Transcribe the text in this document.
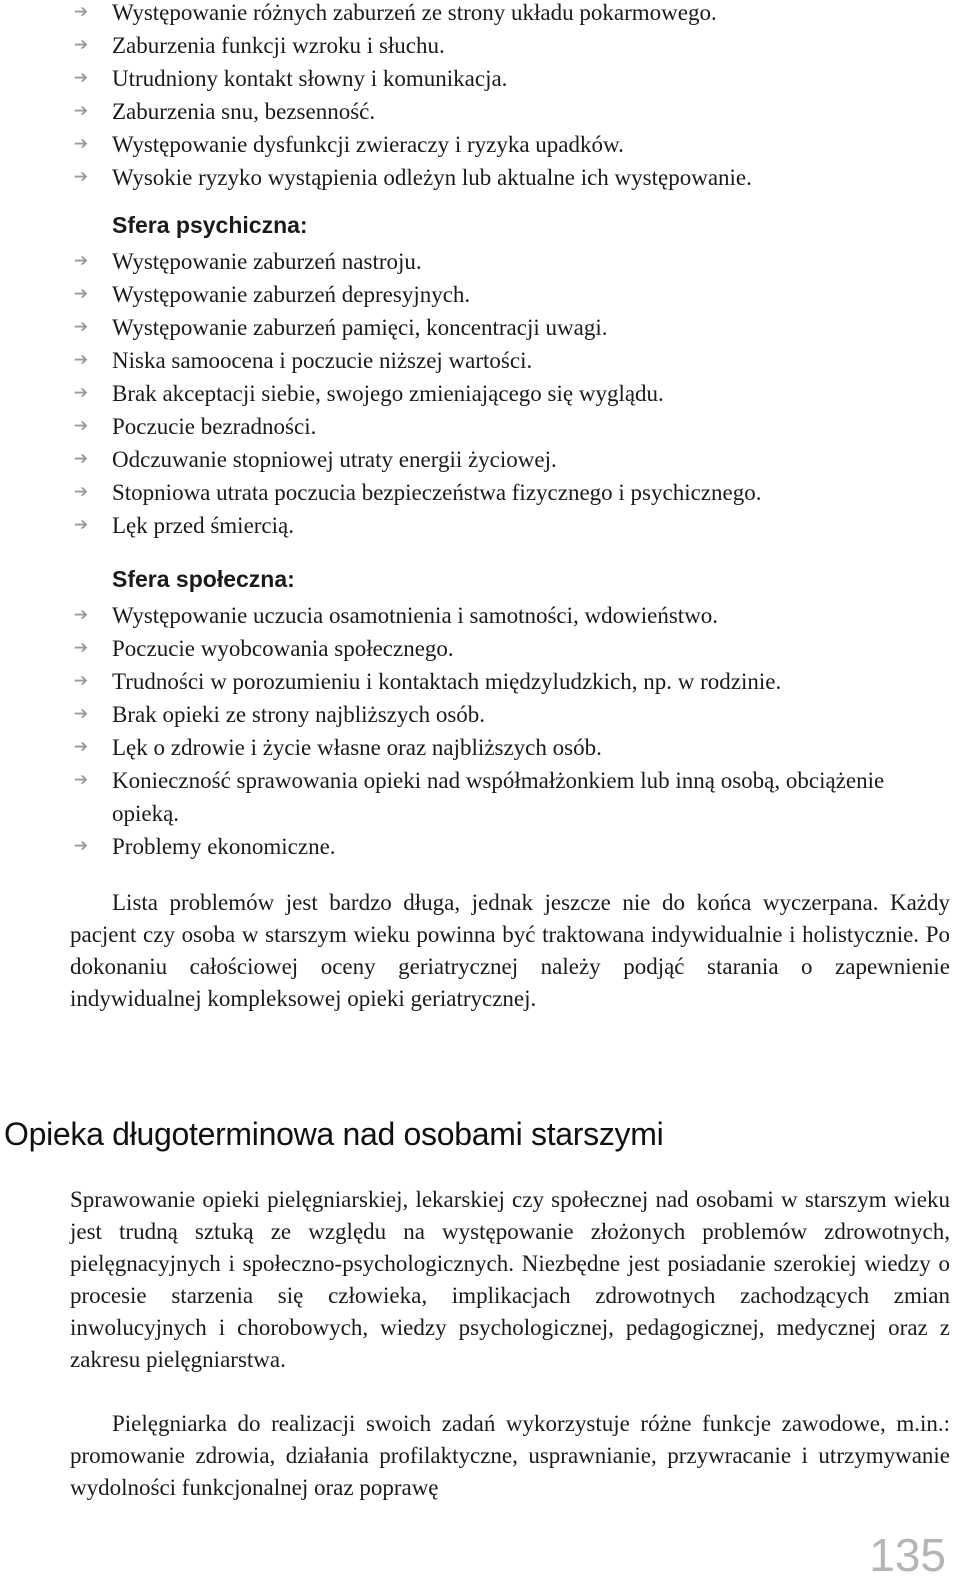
➔ Występowanie różnych zaburzeń ze strony układu pokarmowego.
➔ Zaburzenia funkcji wzroku i słuchu.
➔ Utrudniony kontakt słowny i komunikacja.
➔ Zaburzenia snu, bezsenność.
➔ Występowanie dysfunkcji zwieraczy i ryzyka upadków.
➔ Wysokie ryzyko wystąpienia odleżyn lub aktualne ich występowanie.
Sfera psychiczna:
➔ Występowanie zaburzeń nastroju.
➔ Występowanie zaburzeń depresyjnych.
➔ Występowanie zaburzeń pamięci, koncentracji uwagi.
➔ Niska samoocena i poczucie niższej wartości.
➔ Brak akceptacji siebie, swojego zmieniającego się wyglądu.
➔ Poczucie bezradności.
➔ Odczuwanie stopniowej utraty energii życiowej.
➔ Stopniowa utrata poczucia bezpieczeństwa fizycznego i psychicznego.
➔ Lęk przed śmiercią.
Sfera społeczna:
➔ Występowanie uczucia osamotnienia i samotności, wdowieństwo.
➔ Poczucie wyobcowania społecznego.
➔ Trudności w porozumieniu i kontaktach międzyludzkich, np. w rodzinie.
➔ Brak opieki ze strony najbliższych osób.
➔ Lęk o zdrowie i życie własne oraz najbliższych osób.
➔ Konieczność sprawowania opieki nad współmałżonkiem lub inną osobą, obciążenie opieką.
➔ Problemy ekonomiczne.

Lista problemów jest bardzo długa, jednak jeszcze nie do końca wyczerpana. Każdy pacjent czy osoba w starszym wieku powinna być traktowana indywidualnie i holistycznie. Po dokonaniu całościowej oceny geriatrycznej należy podjąć starania o zapewnienie indywidualnej kompleksowej opieki geriatrycznej.

Opieka długoterminowa nad osobami starszymi

Sprawowanie opieki pielęgniarskiej, lekarskiej czy społecznej nad osobami w starszym wieku jest trudną sztuką ze względu na występowanie złożonych problemów zdrowotnych, pielęgnacyjnych i społeczno-psychologicznych. Niezbędne jest posiadanie szerokiej wiedzy o procesie starzenia się człowieka, implikacjach zdrowotnych zachodzących zmian inwolucyjnych i chorobowych, wiedzy psychologicznej, pedagogicznej, medycznej oraz z zakresu pielęgniarstwa.

Pielęgniarka do realizacji swoich zadań wykorzystuje różne funkcje zawodowe, m.in.: promowanie zdrowia, działania profilaktyczne, usprawnianie, przywracanie i utrzymywanie wydolności funkcjonalnej oraz poprawę

135
